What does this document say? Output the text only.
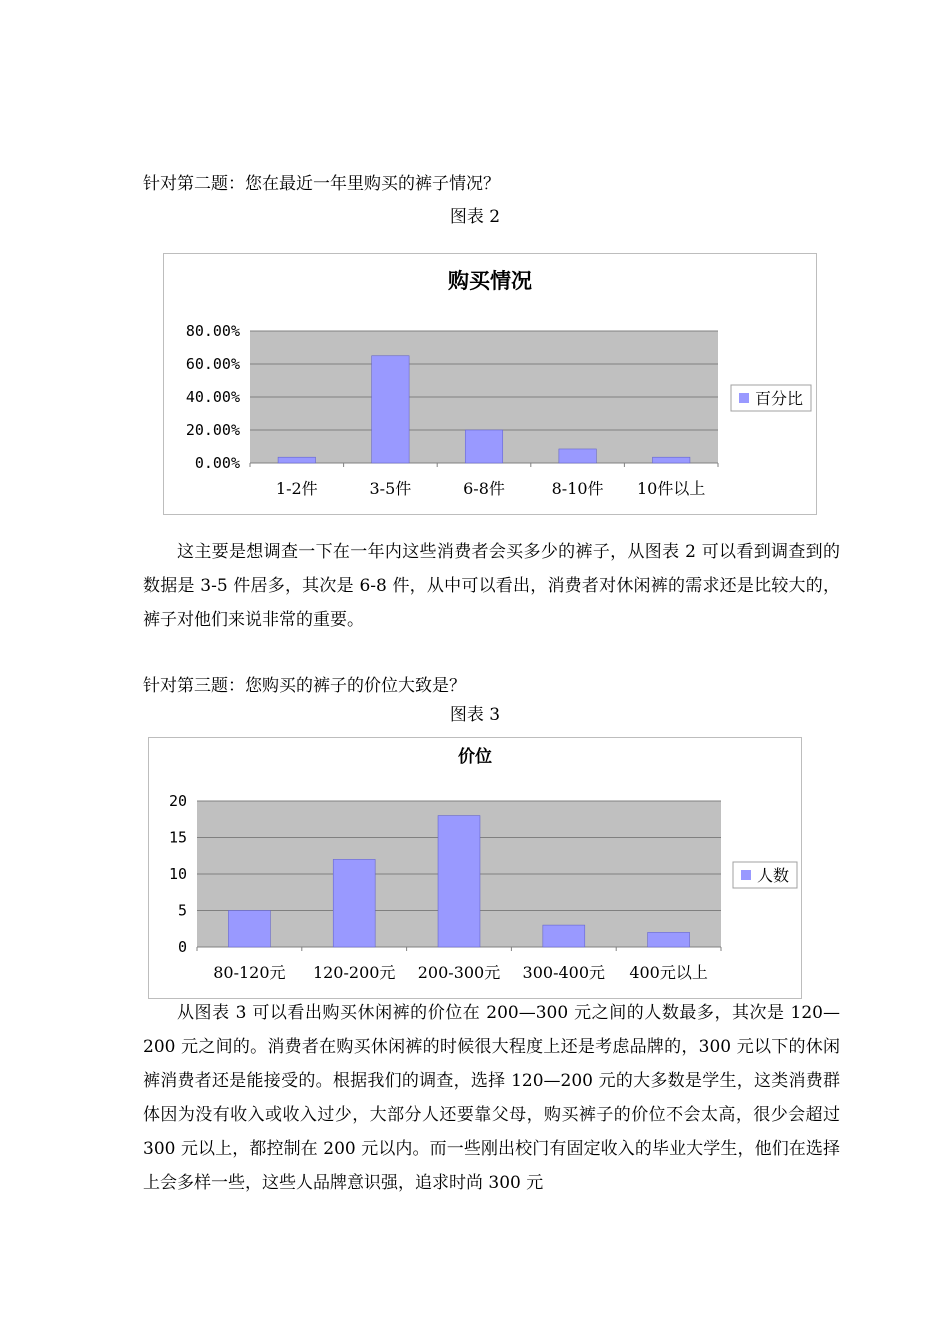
针对第二题：您在最近一年里购买的裤子情况？
图表 2
购买情况
0.00%
20.00%
40.00%
60.00%
80.00%
1-2件	3-5件	6-8件	8-10件 10件以上
百分比
这主要是想调查一下在一年内这些消费者会买多少的裤子，从图表 2 可以看到调查到的数据是 3-5 件居多，其次是 6-8 件，从中可以看出，消费者对休闲裤的需求还是比较大的，裤子对他们来说非常的重要。
针对第三题：您购买的裤子的价位大致是？
图表 3
价位
0
5
10
15
20
80-120元 120-200元 200-300元 300-400元 400元以上
人数
从图表 3 可以看出购买休闲裤的价位在 200—300 元之间的人数最多，其次是 120—200 元之间的。消费者在购买休闲裤的时候很大程度上还是考虑品牌的，300 元以下的休闲裤消费者还是能接受的。根据我们的调查，选择 120—200 元的大多数是学生，这类消费群体因为没有收入或收入过少，大部分人还要靠父母，购买裤子的价位不会太高，很少会超过 300 元以上，都控制在 200 元以内。而一些刚出校门有固定收入的毕业大学生，他们在选择上会多样一些，这些人品牌意识强，追求时尚 300 元
